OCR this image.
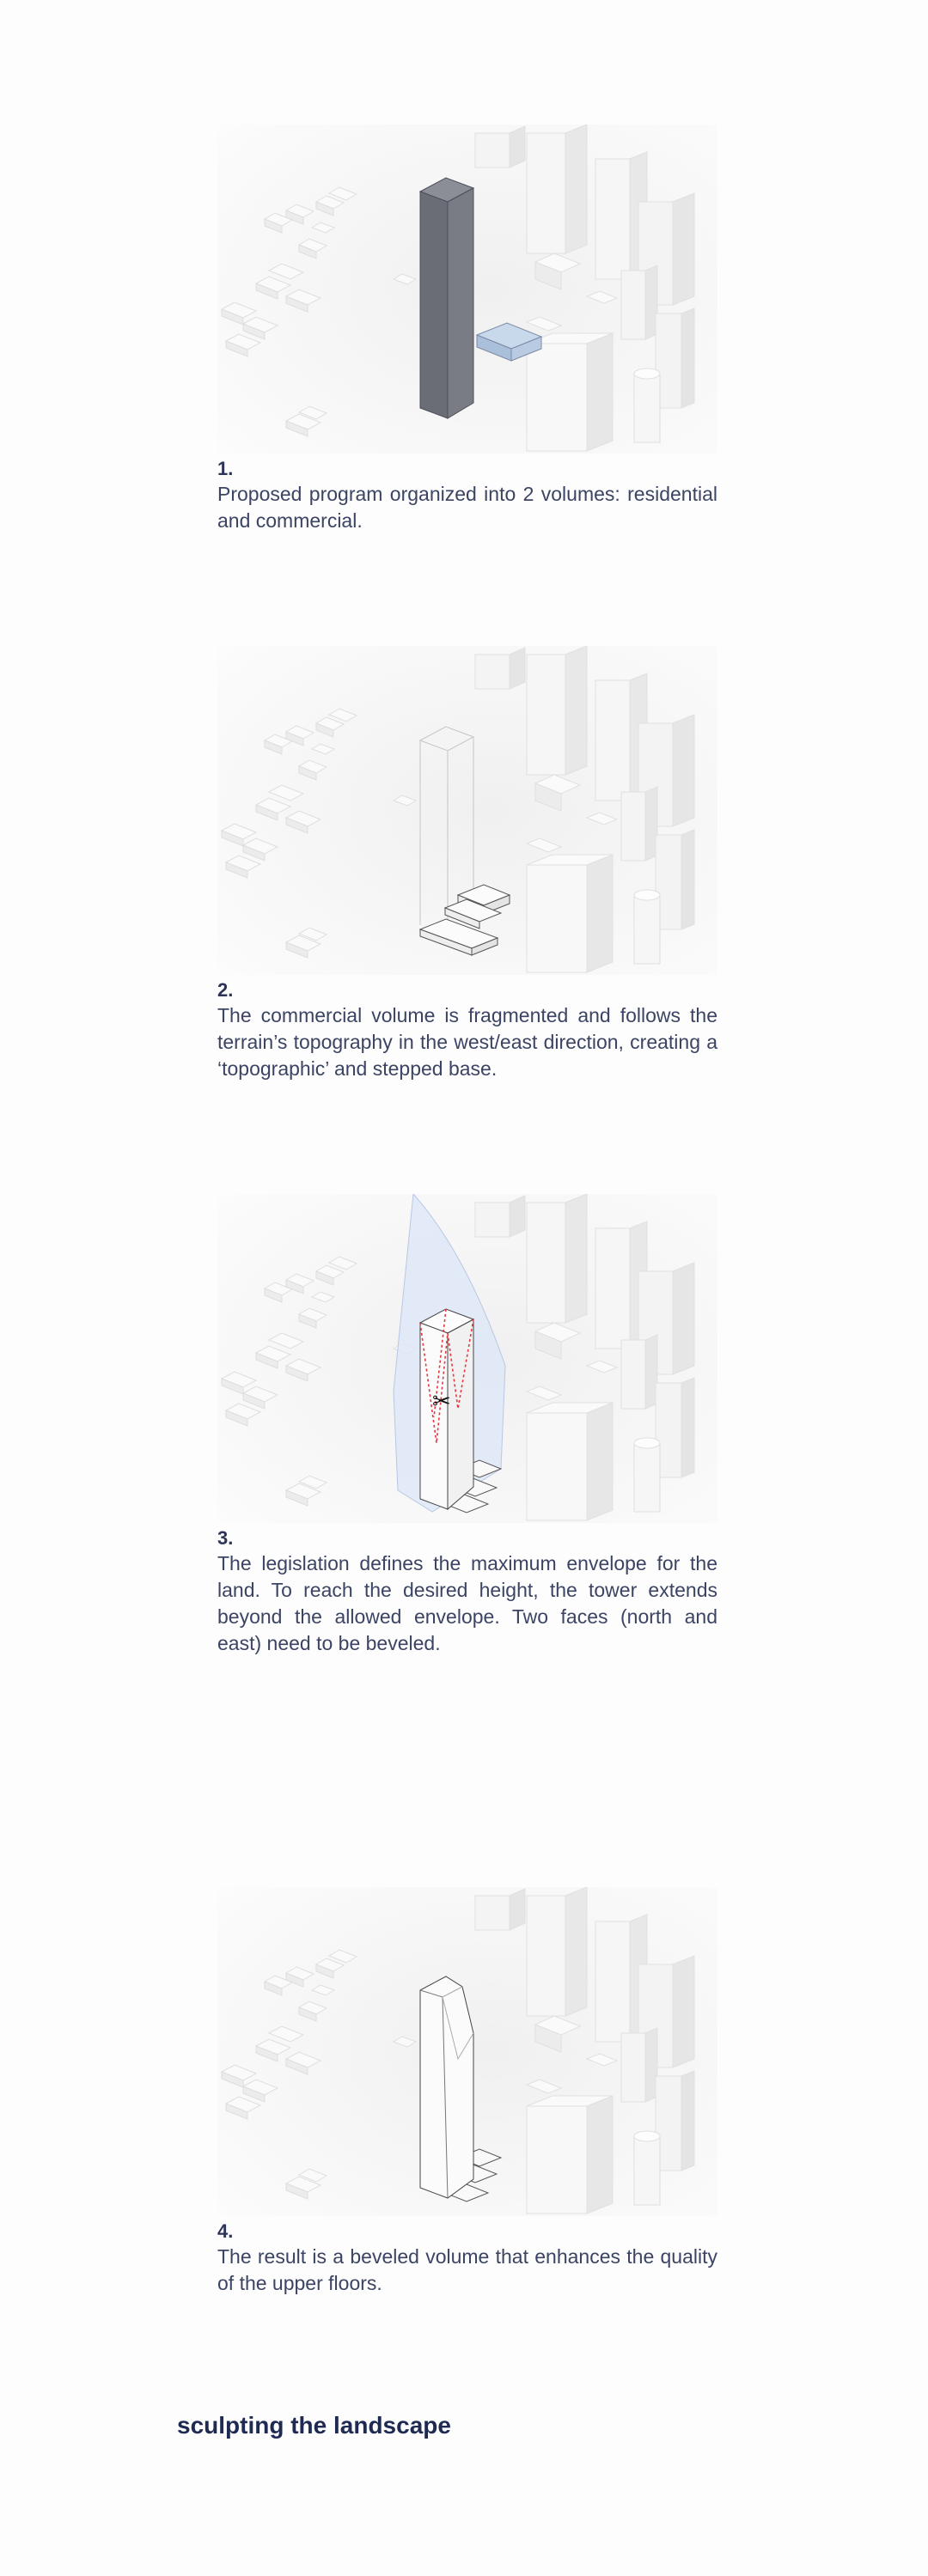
1.

Proposed program organized into 2 volumes: residential and commercial.

2.

The commercial volume is fragmented and follows the terrain’s topography in the west/east direction, creating a ‘topographic’ and stepped base.

✂
3.

The legislation defines the maximum envelope for the land. To reach the desired height, the tower extends beyond the allowed envelope. Two faces (north and east) need to be beveled.

4.

The result is a beveled volume that enhances the quality of the upper floors.

sculpting the landscape
